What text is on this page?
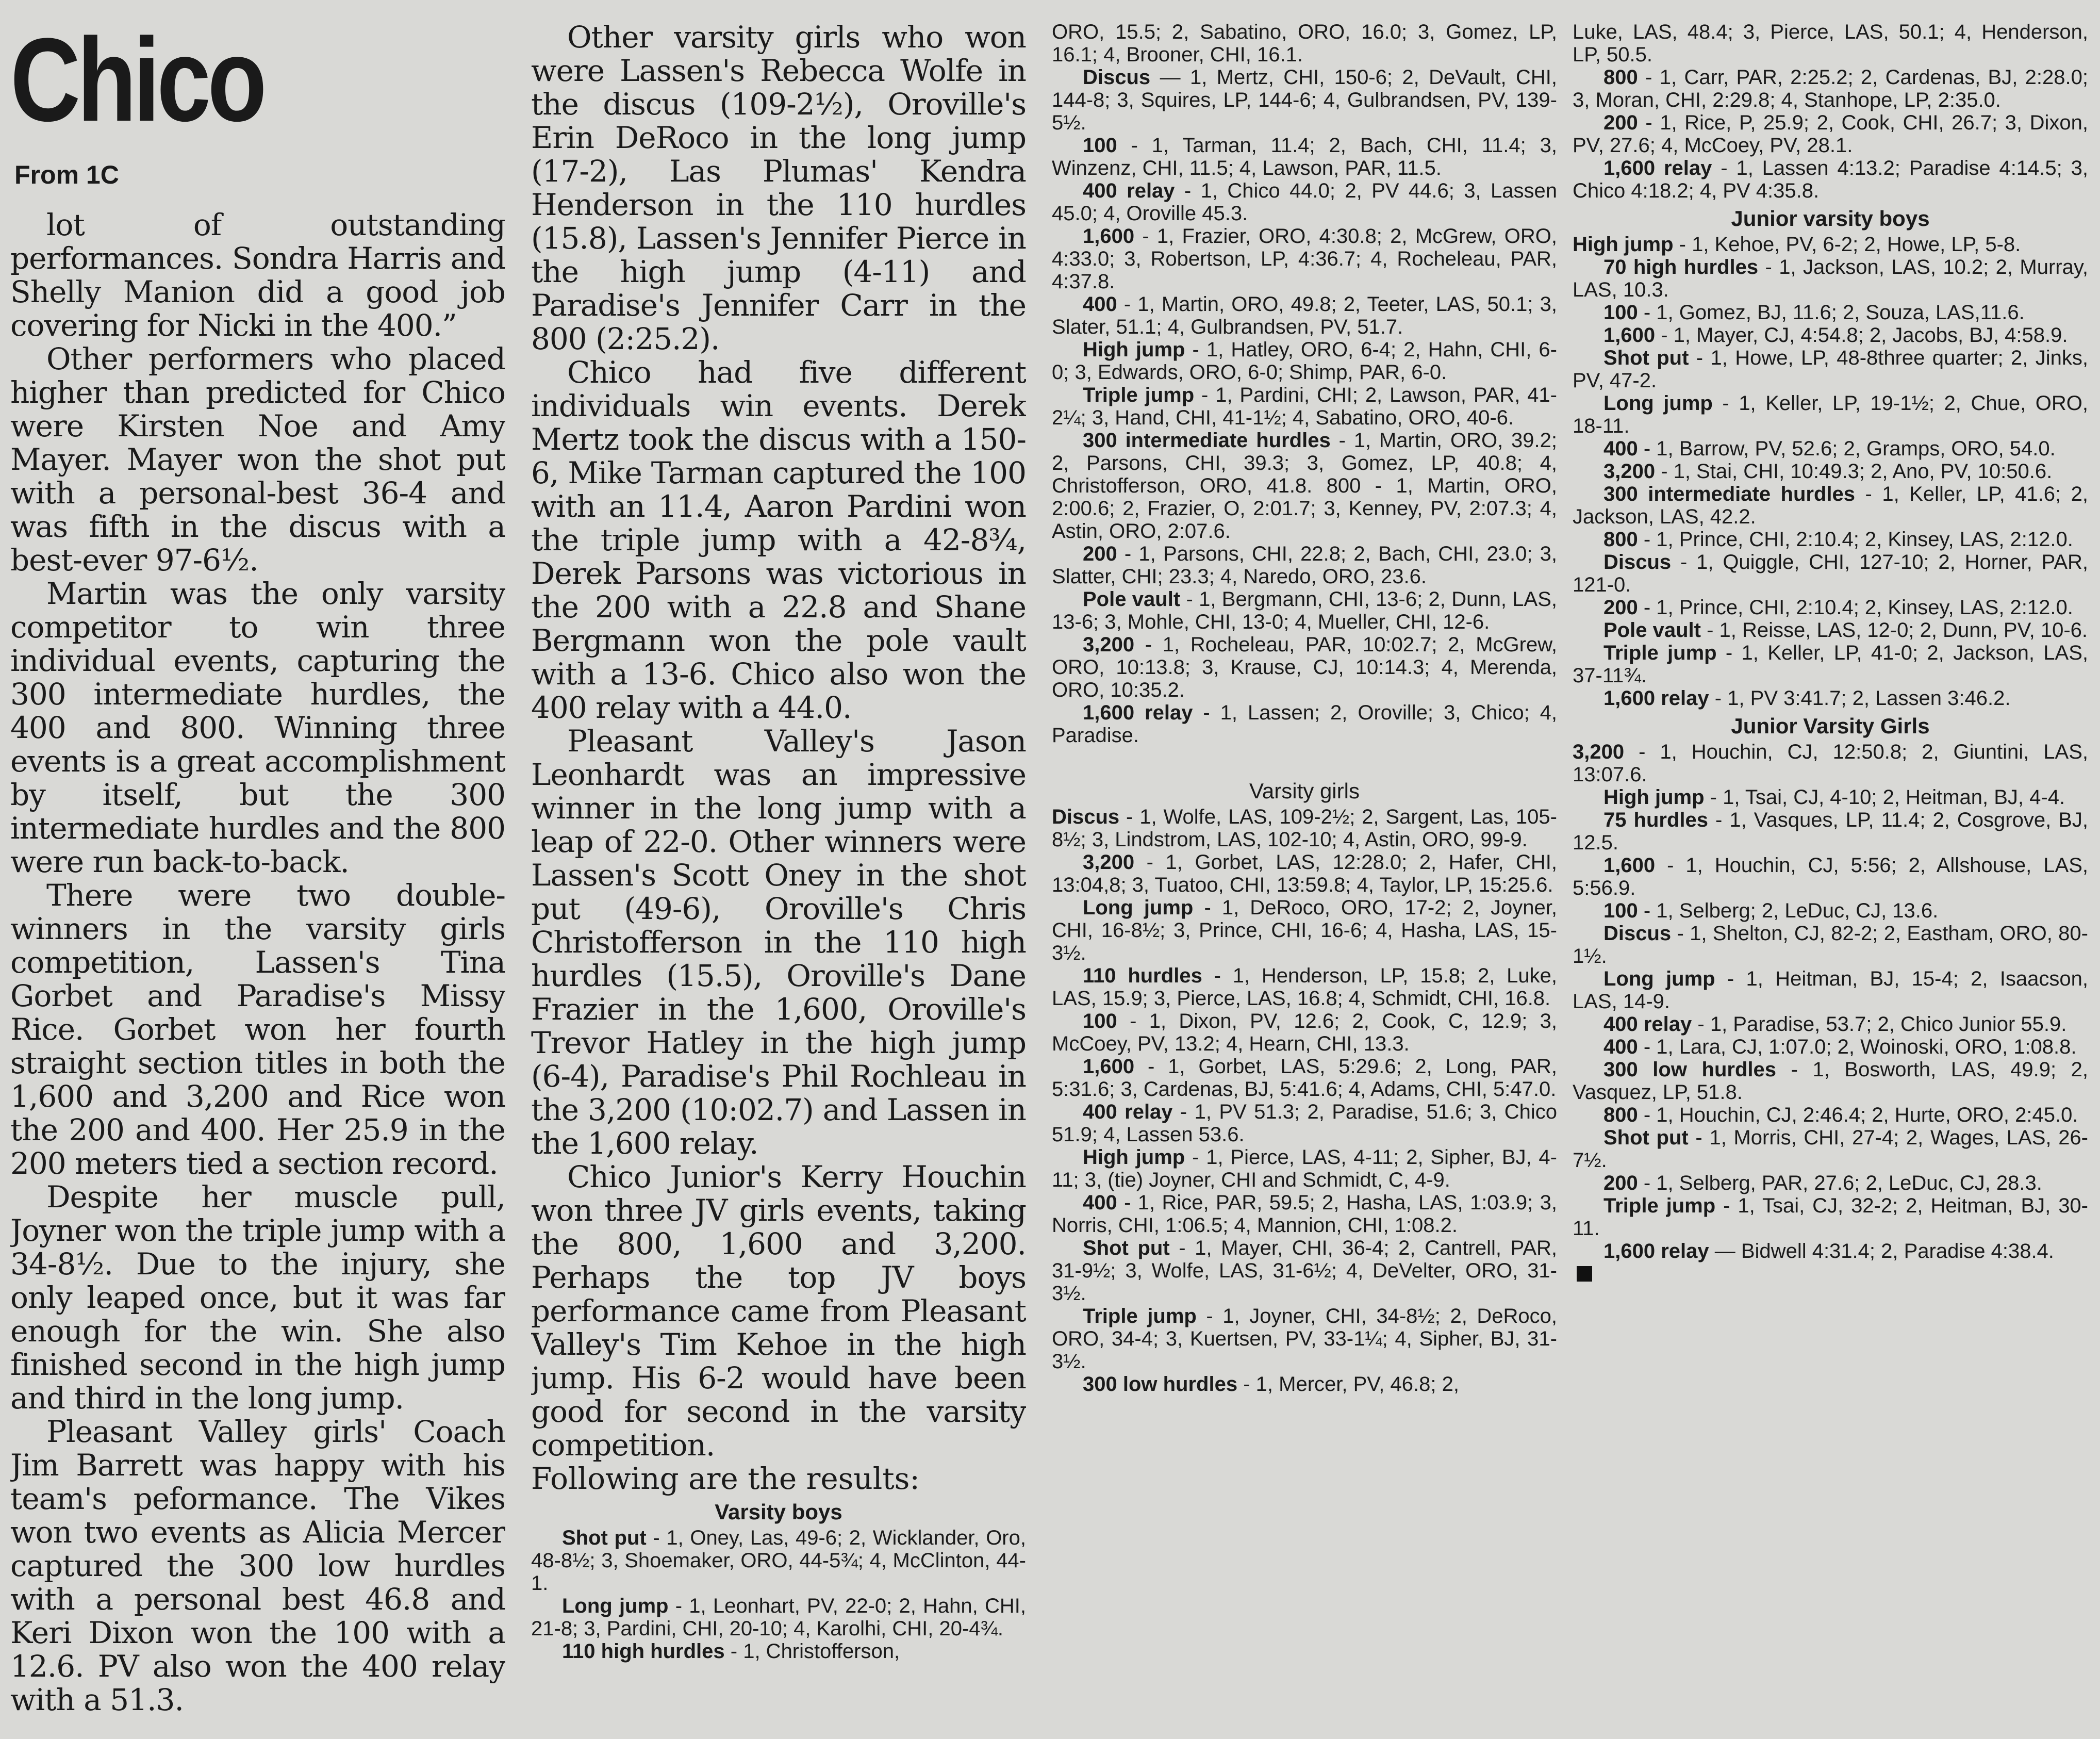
Chico
From 1C

lot of outstanding performances. Sondra Harris and Shelly Manion did a good job covering for Nicki in the 400.”

Other performers who placed higher than predicted for Chico were Kirsten Noe and Amy Mayer. Mayer won the shot put with a personal-best 36-4 and was fifth in the discus with a best-ever 97-6½.

Martin was the only varsity competitor to win three individual events, capturing the 300 intermediate hurdles, the 400 and 800. Winning three events is a great accomplishment by itself, but the 300 intermediate hurdles and the 800 were run back-to-back.

There were two double-winners in the varsity girls competition, Lassen's Tina Gorbet and Paradise's Missy Rice. Gorbet won her fourth straight section titles in both the 1,600 and 3,200 and Rice won the 200 and 400. Her 25.9 in the 200 meters tied a section record.

Despite her muscle pull, Joyner won the triple jump with a 34-8½. Due to the injury, she only leaped once, but it was far enough for the win. She also finished second in the high jump and third in the long jump.

Pleasant Valley girls' Coach Jim Barrett was happy with his team's peformance. The Vikes won two events as Alicia Mercer captured the 300 low hurdles with a personal best 46.8 and Keri Dixon won the 100 with a 12.6. PV also won the 400 relay with a 51.3.

Other varsity girls who won were Lassen's Rebecca Wolfe in the discus (109-2½), Oroville's Erin DeRoco in the long jump (17-2), Las Plumas' Kendra Henderson in the 110 hurdles (15.8), Lassen's Jennifer Pierce in the high jump (4-11) and Paradise's Jennifer Carr in the 800 (2:25.2).

Chico had five different individuals win events. Derek Mertz took the discus with a 150-6, Mike Tarman captured the 100 with an 11.4, Aaron Pardini won the triple jump with a 42-8¾, Derek Parsons was victorious in the 200 with a 22.8 and Shane Bergmann won the pole vault with a 13-6. Chico also won the 400 relay with a 44.0.

Pleasant Valley's Jason Leonhardt was an impressive winner in the long jump with a leap of 22-0. Other winners were Lassen's Scott Oney in the shot put (49-6), Oroville's Chris Christofferson in the 110 high hurdles (15.5), Oroville's Dane Frazier in the 1,600, Oroville's Trevor Hatley in the high jump (6-4), Paradise's Phil Rochleau in the 3,200 (10:02.7) and Lassen in the 1,600 relay.

Chico Junior's Kerry Houchin won three JV girls events, taking the 800, 1,600 and 3,200. Perhaps the top JV boys performance came from Pleasant Valley's Tim Kehoe in the high jump. His 6-2 would have been good for second in the varsity competition.

Following are the results:

Varsity boys

Shot put - 1, Oney, Las, 49-6; 2, Wicklander, Oro, 48-8½; 3, Shoemaker, ORO, 44-5¾; 4, McClinton, 44-1.

Long jump - 1, Leonhart, PV, 22-0; 2, Hahn, CHI, 21-8; 3, Pardini, CHI, 20-10; 4, Karolhi, CHI, 20-4¾.

110 high hurdles - 1, Christofferson,

ORO, 15.5; 2, Sabatino, ORO, 16.0; 3, Gomez, LP, 16.1; 4, Brooner, CHI, 16.1.

Discus — 1, Mertz, CHI, 150-6; 2, DeVault, CHI, 144-8; 3, Squires, LP, 144-6; 4, Gulbrandsen, PV, 139-5½.

100 - 1, Tarman, 11.4; 2, Bach, CHI, 11.4; 3, Winzenz, CHI, 11.5; 4, Lawson, PAR, 11.5.

400 relay - 1, Chico 44.0; 2, PV 44.6; 3, Lassen 45.0; 4, Oroville 45.3.

1,600 - 1, Frazier, ORO, 4:30.8; 2, McGrew, ORO, 4:33.0; 3, Robertson, LP, 4:36.7; 4, Rocheleau, PAR, 4:37.8.

400 - 1, Martin, ORO, 49.8; 2, Teeter, LAS, 50.1; 3, Slater, 51.1; 4, Gulbrandsen, PV, 51.7.

High jump - 1, Hatley, ORO, 6-4; 2, Hahn, CHI, 6-0; 3, Edwards, ORO, 6-0; Shimp, PAR, 6-0.

Triple jump - 1, Pardini, CHI; 2, Lawson, PAR, 41-2¼; 3, Hand, CHI, 41-1½; 4, Sabatino, ORO, 40-6.

300 intermediate hurdles - 1, Martin, ORO, 39.2; 2, Parsons, CHI, 39.3; 3, Gomez, LP, 40.8; 4, Christofferson, ORO, 41.8. 800 - 1, Martin, ORO, 2:00.6; 2, Frazier, O, 2:01.7; 3, Kenney, PV, 2:07.3; 4, Astin, ORO, 2:07.6.

200 - 1, Parsons, CHI, 22.8; 2, Bach, CHI, 23.0; 3, Slatter, CHI; 23.3; 4, Naredo, ORO, 23.6.

Pole vault - 1, Bergmann, CHI, 13-6; 2, Dunn, LAS, 13-6; 3, Mohle, CHI, 13-0; 4, Mueller, CHI, 12-6.

3,200 - 1, Rocheleau, PAR, 10:02.7; 2, McGrew, ORO, 10:13.8; 3, Krause, CJ, 10:14.3; 4, Merenda, ORO, 10:35.2.

1,600 relay - 1, Lassen; 2, Oroville; 3, Chico; 4, Paradise.

Varsity girls

Discus - 1, Wolfe, LAS, 109-2½; 2, Sargent, Las, 105-8½; 3, Lindstrom, LAS, 102-10; 4, Astin, ORO, 99-9.

3,200 - 1, Gorbet, LAS, 12:28.0; 2, Hafer, CHI, 13:04,8; 3, Tuatoo, CHI, 13:59.8; 4, Taylor, LP, 15:25.6.

Long jump - 1, DeRoco, ORO, 17-2; 2, Joyner, CHI, 16-8½; 3, Prince, CHI, 16-6; 4, Hasha, LAS, 15-3½.

110 hurdles - 1, Henderson, LP, 15.8; 2, Luke, LAS, 15.9; 3, Pierce, LAS, 16.8; 4, Schmidt, CHI, 16.8.

100 - 1, Dixon, PV, 12.6; 2, Cook, C, 12.9; 3, McCoey, PV, 13.2; 4, Hearn, CHI, 13.3.

1,600 - 1, Gorbet, LAS, 5:29.6; 2, Long, PAR, 5:31.6; 3, Cardenas, BJ, 5:41.6; 4, Adams, CHI, 5:47.0.

400 relay - 1, PV 51.3; 2, Paradise, 51.6; 3, Chico 51.9; 4, Lassen 53.6.

High jump - 1, Pierce, LAS, 4-11; 2, Sipher, BJ, 4-11; 3, (tie) Joyner, CHI and Schmidt, C, 4-9.

400 - 1, Rice, PAR, 59.5; 2, Hasha, LAS, 1:03.9; 3, Norris, CHI, 1:06.5; 4, Mannion, CHI, 1:08.2.

Shot put - 1, Mayer, CHI, 36-4; 2, Cantrell, PAR, 31-9½; 3, Wolfe, LAS, 31-6½; 4, DeVelter, ORO, 31-3½.

Triple jump - 1, Joyner, CHI, 34-8½; 2, DeRoco, ORO, 34-4; 3, Kuertsen, PV, 33-1¼; 4, Sipher, BJ, 31-3½.

300 low hurdles - 1, Mercer, PV, 46.8; 2,

Luke, LAS, 48.4; 3, Pierce, LAS, 50.1; 4, Henderson, LP, 50.5.

800 - 1, Carr, PAR, 2:25.2; 2, Cardenas, BJ, 2:28.0; 3, Moran, CHI, 2:29.8; 4, Stanhope, LP, 2:35.0.

200 - 1, Rice, P, 25.9; 2, Cook, CHI, 26.7; 3, Dixon, PV, 27.6; 4, McCoey, PV, 28.1.

1,600 relay - 1, Lassen 4:13.2; Paradise 4:14.5; 3, Chico 4:18.2; 4, PV 4:35.8.

Junior varsity boys

High jump - 1, Kehoe, PV, 6-2; 2, Howe, LP, 5-8.

70 high hurdles - 1, Jackson, LAS, 10.2; 2, Murray, LAS, 10.3.

100 - 1, Gomez, BJ, 11.6; 2, Souza, LAS,11.6.

1,600 - 1, Mayer, CJ, 4:54.8; 2, Jacobs, BJ, 4:58.9.

Shot put - 1, Howe, LP, 48-8three quarter; 2, Jinks, PV, 47-2.

Long jump - 1, Keller, LP, 19-1½; 2, Chue, ORO, 18-11.

400 - 1, Barrow, PV, 52.6; 2, Gramps, ORO, 54.0.

3,200 - 1, Stai, CHI, 10:49.3; 2, Ano, PV, 10:50.6.

300 intermediate hurdles - 1, Keller, LP, 41.6; 2, Jackson, LAS, 42.2.

800 - 1, Prince, CHI, 2:10.4; 2, Kinsey, LAS, 2:12.0.

Discus - 1, Quiggle, CHI, 127-10; 2, Horner, PAR, 121-0.

200 - 1, Prince, CHI, 2:10.4; 2, Kinsey, LAS, 2:12.0.

Pole vault - 1, Reisse, LAS, 12-0; 2, Dunn, PV, 10-6.

Triple jump - 1, Keller, LP, 41-0; 2, Jackson, LAS, 37-11¾.

1,600 relay - 1, PV 3:41.7; 2, Lassen 3:46.2.

Junior Varsity Girls

3,200 - 1, Houchin, CJ, 12:50.8; 2, Giuntini, LAS, 13:07.6.

High jump - 1, Tsai, CJ, 4-10; 2, Heitman, BJ, 4-4.

75 hurdles - 1, Vasques, LP, 11.4; 2, Cosgrove, BJ, 12.5.

1,600 - 1, Houchin, CJ, 5:56; 2, Allshouse, LAS, 5:56.9.

100 - 1, Selberg; 2, LeDuc, CJ, 13.6.

Discus - 1, Shelton, CJ, 82-2; 2, Eastham, ORO, 80-1½.

Long jump - 1, Heitman, BJ, 15-4; 2, Isaacson, LAS, 14-9.

400 relay - 1, Paradise, 53.7; 2, Chico Junior 55.9.

400 - 1, Lara, CJ, 1:07.0; 2, Woinoski, ORO, 1:08.8.

300 low hurdles - 1, Bosworth, LAS, 49.9; 2, Vasquez, LP, 51.8.

800 - 1, Houchin, CJ, 2:46.4; 2, Hurte, ORO, 2:45.0.

Shot put - 1, Morris, CHI, 27-4; 2, Wages, LAS, 26-7½.

200 - 1, Selberg, PAR, 27.6; 2, LeDuc, CJ, 28.3.

Triple jump - 1, Tsai, CJ, 32-2; 2, Heitman, BJ, 30-11.

1,600 relay — Bidwell 4:31.4; 2, Paradise 4:38.4.
